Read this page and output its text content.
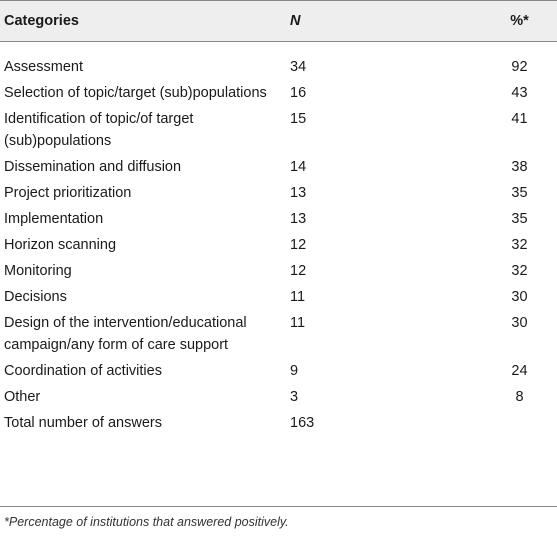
Categories	N	%*
Assessment	34	92
Selection of topic/target (sub)populations	16	43
Identification of topic/of target (sub)populations	15	41
Dissemination and diffusion	14	38
Project prioritization	13	35
Implementation	13	35
Horizon scanning	12	32
Monitoring	12	32
Decisions	11	30
Design of the intervention/educational campaign/any form of care support	11	30
Coordination of activities	9	24
Other	3	8
Total number of answers	163	
*Percentage of institutions that answered positively.
